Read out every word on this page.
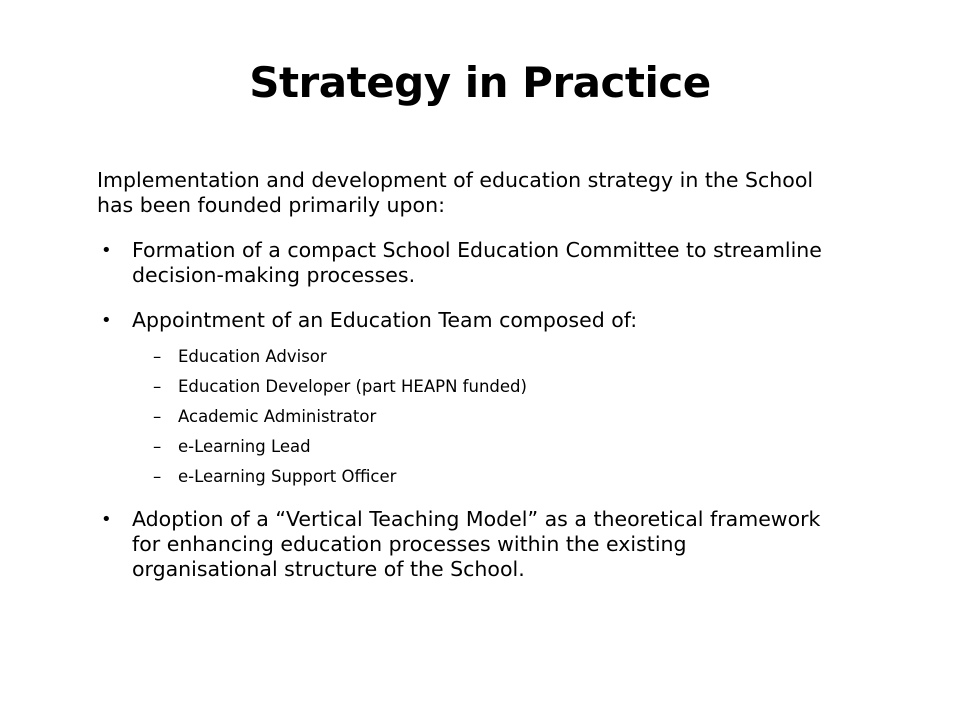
Strategy in Practice

Implementation and development of education strategy in the School has been founded primarily upon:

• Formation of a compact School Education Committee to streamline decision-making processes.
• Appointment of an Education Team composed of:
– Education Advisor
– Education Developer (part HEAPN funded)
– Academic Administrator
– e-Learning Lead
– e-Learning Support Officer
• Adoption of a “Vertical Teaching Model” as a theoretical framework for enhancing education processes within the existing organisational structure of the School.
